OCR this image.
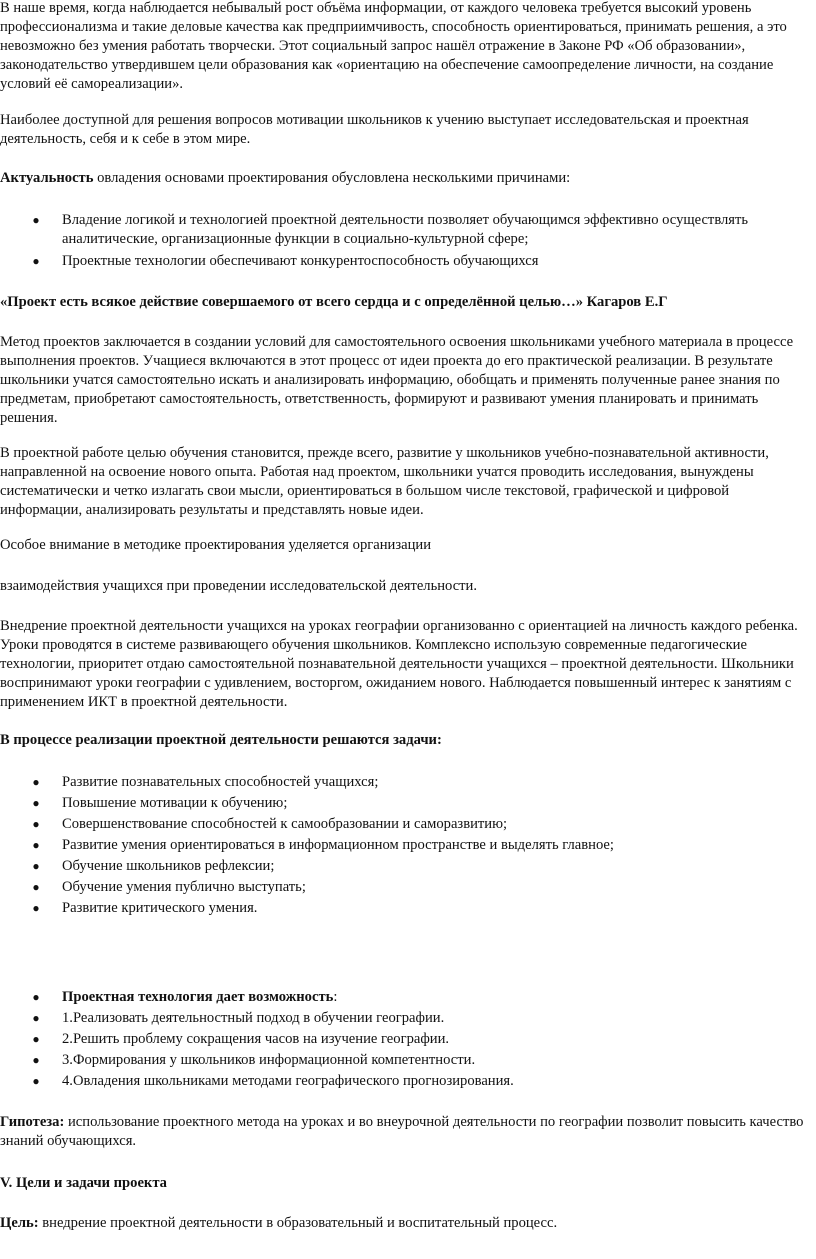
В наше время, когда наблюдается небывалый рост объёма информации, от каждого человека требуется высокий уровень профессионализма и такие деловые качества как предприимчивость, способность ориентироваться, принимать решения, а это невозможно без умения работать творчески. Этот социальный запрос нашёл отражение в Законе РФ «Об образовании», законодательство утвердившем цели образования как «ориентацию на обеспечение самоопределение личности, на создание условий её самореализации».

Наиболее доступной для решения вопросов мотивации школьников к учению выступает исследовательская и проектная деятельность, себя и к себе в этом мире.

Актуальность овладения основами проектирования обусловлена несколькими причинами:

● Владение логикой и технологией проектной деятельности позволяет обучающимся эффективно осуществлять аналитические, организационные функции в социально-культурной сфере;
● Проектные технологии обеспечивают конкурентоспособность обучающихся

«Проект есть всякое действие совершаемого от всего сердца и с определённой целью…» Кагаров Е.Г

Метод проектов заключается в создании условий для самостоятельного освоения школьниками учебного материала в процессе выполнения проектов. Учащиеся включаются в этот процесс от идеи проекта до его практической реализации. В результате школьники учатся самостоятельно искать и анализировать информацию, обобщать и применять полученные ранее знания по предметам, приобретают самостоятельность, ответственность, формируют и развивают умения планировать и принимать решения.

В проектной работе целью обучения становится, прежде всего, развитие у школьников учебно-познавательной активности, направленной на освоение нового опыта. Работая над проектом, школьники учатся проводить исследования, вынуждены систематически и четко излагать свои мысли, ориентироваться в большом числе текстовой, графической и цифровой информации, анализировать результаты и представлять новые идеи.

Особое внимание в методике проектирования уделяется организации

взаимодействия учащихся при проведении исследовательской деятельности.

Внедрение проектной деятельности учащихся на уроках географии организованно с ориентацией на личность каждого ребенка. Уроки проводятся в системе развивающего обучения школьников. Комплексно использую современные педагогические технологии, приоритет отдаю самостоятельной познавательной деятельности учащихся – проектной деятельности. Школьники воспринимают уроки географии с удивлением, восторгом, ожиданием нового. Наблюдается повышенный интерес к занятиям с применением ИКТ в проектной деятельности.

В процессе реализации проектной деятельности решаются задачи:

● Развитие познавательных способностей учащихся;
● Повышение мотивации к обучению;
● Совершенствование способностей к самообразовании и саморазвитию;
● Развитие умения ориентироваться в информационном пространстве и выделять главное;
● Обучение школьников рефлексии;
● Обучение умения публично выступать;
● Развитие критического умения.
● Проектная технология дает возможность:
● 1.Реализовать деятельностный подход в обучении географии.
● 2.Решить проблему сокращения часов на изучение географии.
● 3.Формирования у школьников информационной компетентности.
● 4.Овладения школьниками методами географического прогнозирования.

Гипотеза: использование проектного метода на уроках и во внеурочной деятельности по географии позволит повысить качество знаний обучающихся.

V. Цели и задачи проекта

Цель: внедрение проектной деятельности в образовательный и воспитательный процесс.
